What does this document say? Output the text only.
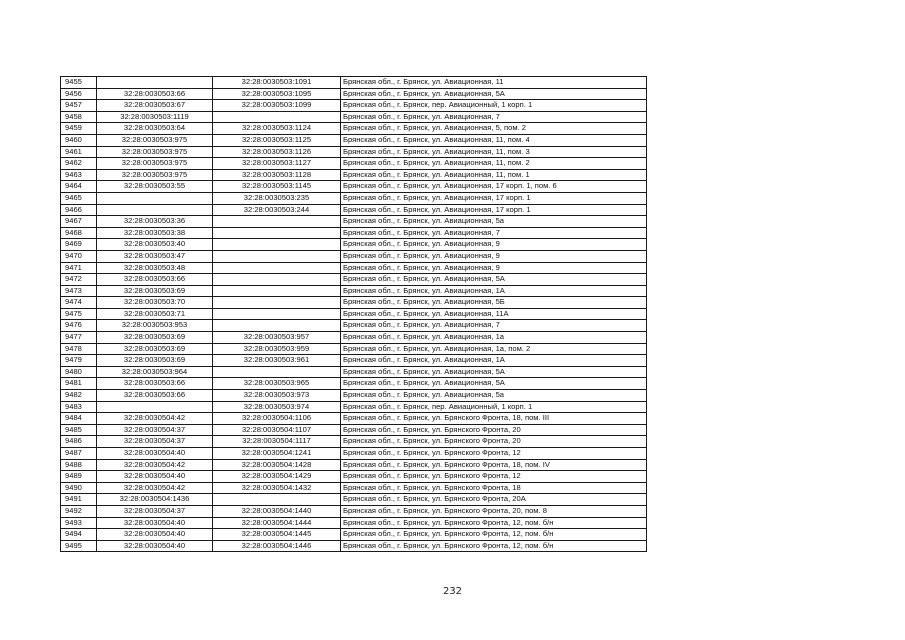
9455		32:28:0030503:1091	Брянская обл., г. Брянск, ул. Авиационная, 11
9456	32:28:0030503:66	32:28:0030503:1095	Брянская обл., г. Брянск, ул. Авиационная, 5А
9457	32:28:0030503:67	32:28:0030503:1099	Брянская обл., г. Брянск, пер. Авиационный, 1 корп. 1
9458	32:28:0030503:1119		Брянская обл., г. Брянск, ул. Авиационная, 7
9459	32:28:0030503:64	32:28:0030503:1124	Брянская обл., г. Брянск, ул. Авиационная, 5, пом. 2
9460	32:28:0030503:975	32:28:0030503:1125	Брянская обл., г. Брянск, ул. Авиационная, 11, пом. 4
9461	32:28:0030503:975	32:28:0030503:1126	Брянская обл., г. Брянск, ул. Авиационная, 11, пом. 3
9462	32:28:0030503:975	32:28:0030503:1127	Брянская обл., г. Брянск, ул. Авиационная, 11, пом. 2
9463	32:28:0030503:975	32:28:0030503:1128	Брянская обл., г. Брянск, ул. Авиационная, 11, пом. 1
9464	32:28:0030503:55	32:28:0030503:1145	Брянская обл., г. Брянск, ул. Авиационная, 17 корп. 1, пом. 6
9465		32:28:0030503:235	Брянская обл., г. Брянск, ул. Авиационная, 17 корп. 1
9466		32:28:0030503:244	Брянская обл., г. Брянск, ул. Авиационная, 17 корп. 1
9467	32:28:0030503:36		Брянская обл., г. Брянск, ул. Авиационная, 5а
9468	32:28:0030503:38		Брянская обл., г. Брянск, ул. Авиационная, 7
9469	32:28:0030503:40		Брянская обл., г. Брянск, ул. Авиационная, 9
9470	32:28:0030503:47		Брянская обл., г. Брянск, ул. Авиационная, 9
9471	32:28:0030503:48		Брянская обл., г. Брянск, ул. Авиационная, 9
9472	32:28:0030503:66		Брянская обл., г. Брянск, ул. Авиационная, 5А
9473	32:28:0030503:69		Брянская обл., г. Брянск, ул. Авиационная, 1А
9474	32:28:0030503:70		Брянская обл., г. Брянск, ул. Авиационная, 5Б
9475	32:28:0030503:71		Брянская обл., г. Брянск, ул. Авиационная, 11А
9476	32:28:0030503:953		Брянская обл., г. Брянск, ул. Авиационная, 7
9477	32:28:0030503:69	32:28:0030503:957	Брянская обл., г. Брянск, ул. Авиационная, 1а
9478	32:28:0030503:69	32:28:0030503:959	Брянская обл., г. Брянск, ул. Авиационная, 1а, пом. 2
9479	32:28:0030503:69	32:28:0030503:961	Брянская обл., г. Брянск, ул. Авиационная, 1А
9480	32:28:0030503:964		Брянская обл., г. Брянск, ул. Авиационная, 5А
9481	32:28:0030503:66	32:28:0030503:965	Брянская обл., г. Брянск, ул. Авиационная, 5А
9482	32:28:0030503:66	32:28:0030503:973	Брянская обл., г. Брянск, ул. Авиационная, 5а
9483		32:28:0030503:974	Брянская обл., г. Брянск, пер. Авиационный, 1 корп. 1
9484	32:28:0030504:42	32:28:0030504:1106	Брянская обл., г. Брянск, ул. Брянского Фронта, 18, пом. III
9485	32:28:0030504:37	32:28:0030504:1107	Брянская обл., г. Брянск, ул. Брянского Фронта, 20
9486	32:28:0030504:37	32:28:0030504:1117	Брянская обл., г. Брянск, ул. Брянского Фронта, 20
9487	32:28:0030504:40	32:28:0030504:1241	Брянская обл., г. Брянск, ул. Брянского Фронта, 12
9488	32:28:0030504:42	32:28:0030504:1428	Брянская обл., г. Брянск, ул. Брянского Фронта, 18, пом. IV
9489	32:28:0030504:40	32:28:0030504:1429	Брянская обл., г. Брянск, ул. Брянского Фронта, 12
9490	32:28:0030504:42	32:28:0030504:1432	Брянская обл., г. Брянск, ул. Брянского Фронта, 18
9491	32:28:0030504:1436		Брянская обл., г. Брянск, ул. Брянского Фронта, 20А
9492	32:28:0030504:37	32:28:0030504:1440	Брянская обл., г. Брянск, ул. Брянского Фронта, 20, пом. 8
9493	32:28:0030504:40	32:28:0030504:1444	Брянская обл., г. Брянск, ул. Брянского Фронта, 12, пом. б/н
9494	32:28:0030504:40	32:28:0030504:1445	Брянская обл., г. Брянск, ул. Брянского Фронта, 12, пом. б/н
9495	32:28:0030504:40	32:28:0030504:1446	Брянская обл., г. Брянск, ул. Брянского Фронта, 12, пом. б/н
232
